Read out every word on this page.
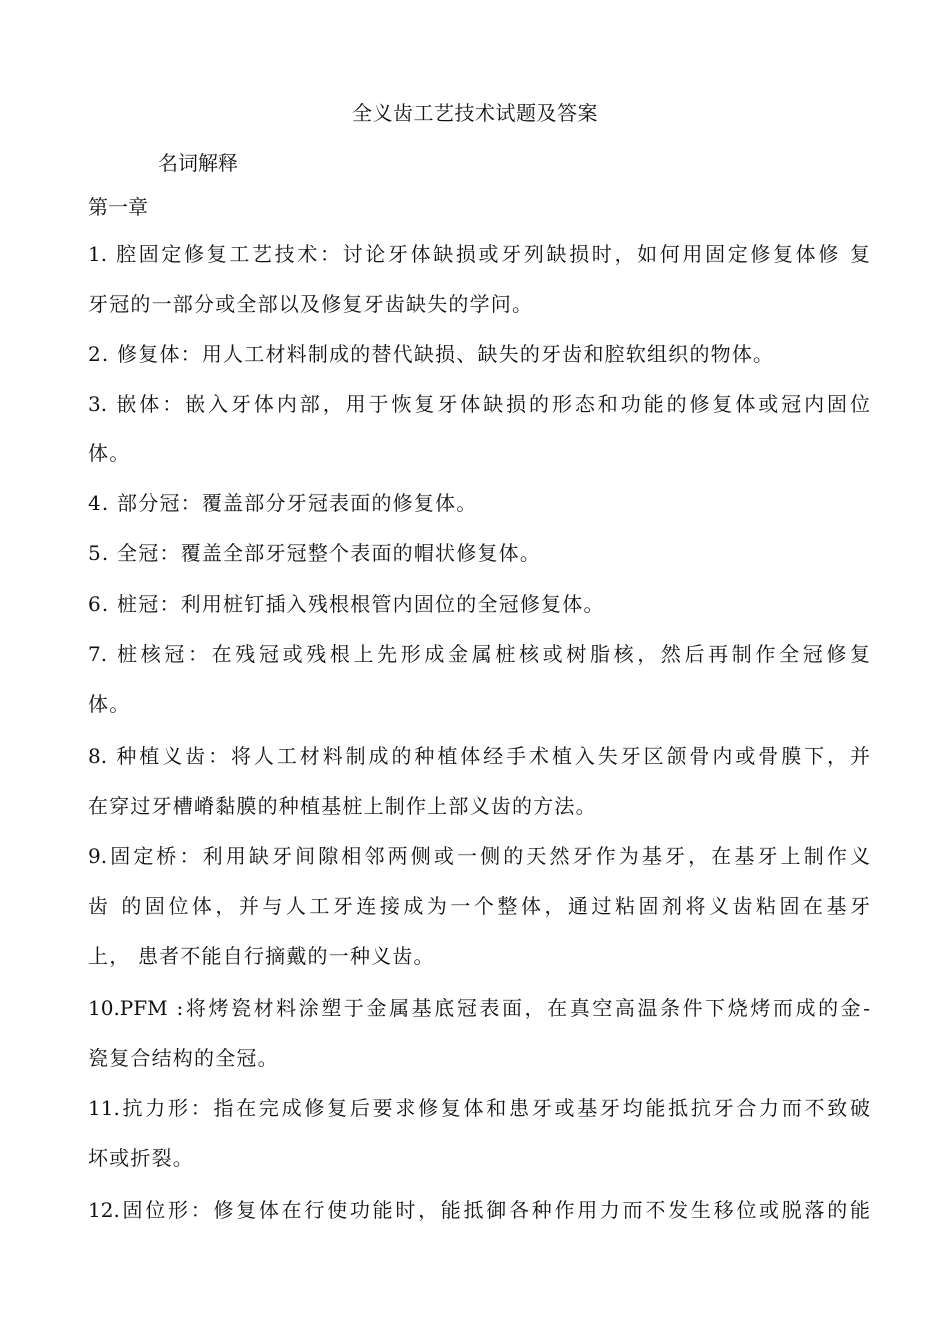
全义齿工艺技术试题及答案
名词解释
第一章
1. 腔固定修复工艺技术：讨论牙体缺损或牙列缺损时，如何用固定修复体修 复
牙冠的一部分或全部以及修复牙齿缺失的学问。
2. 修复体：用人工材料制成的替代缺损、缺失的牙齿和腔软组织的物体。
3. 嵌体：嵌入牙体内部，用于恢复牙体缺损的形态和功能的修复体或冠内固位
体。
4. 部分冠：覆盖部分牙冠表面的修复体。
5. 全冠：覆盖全部牙冠整个表面的帽状修复体。
6. 桩冠：利用桩钉插入残根根管内固位的全冠修复体。
7. 桩核冠：在残冠或残根上先形成金属桩核或树脂核，然后再制作全冠修复
体。
8. 种植义齿：将人工材料制成的种植体经手术植入失牙区颌骨内或骨膜下，并
在穿过牙槽嵴黏膜的种植基桩上制作上部义齿的方法。
9.固定桥：利用缺牙间隙相邻两侧或一侧的天然牙作为基牙，在基牙上制作义
齿 的固位体，并与人工牙连接成为一个整体，通过粘固剂将义齿粘固在基牙
上， 患者不能自行摘戴的一种义齿。
10.PFM :将烤瓷材料涂塑于金属基底冠表面，在真空高温条件下烧烤而成的金-
瓷复合结构的全冠。
11.抗力形：指在完成修复后要求修复体和患牙或基牙均能抵抗牙合力而不致破
坏或折裂。
12.固位形：修复体在行使功能时，能抵御各种作用力而不发生移位或脱落的能
